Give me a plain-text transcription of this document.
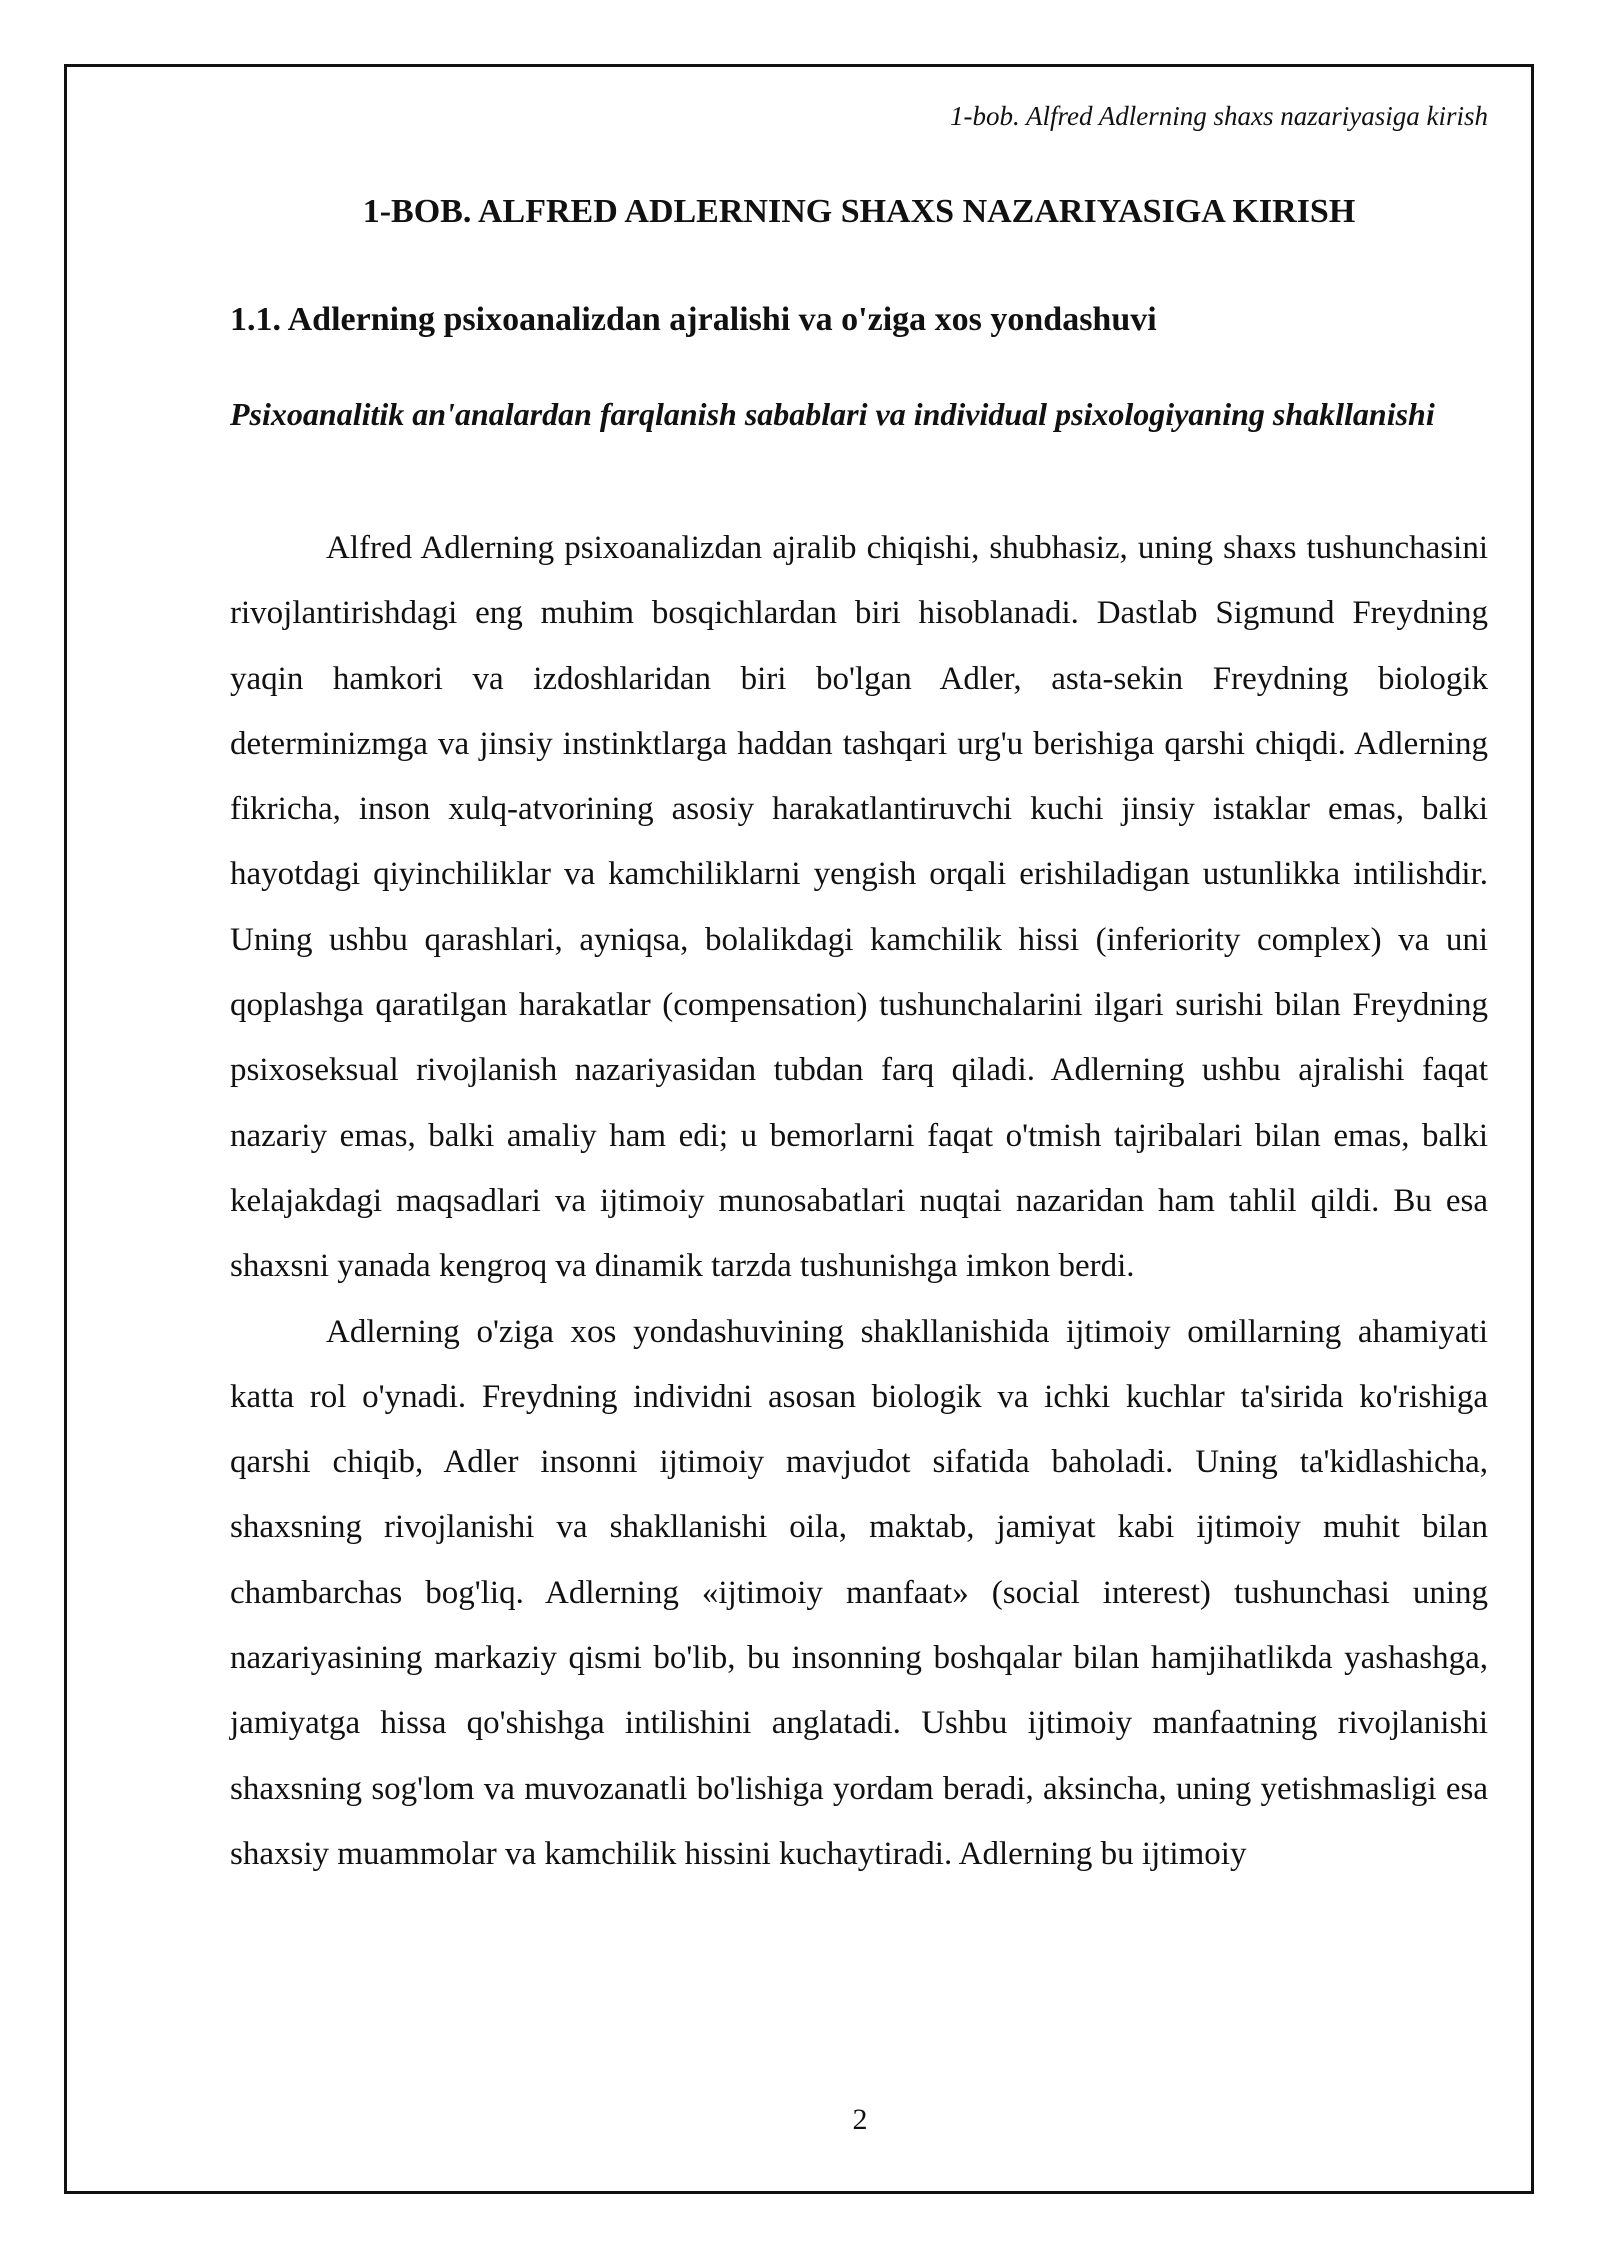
1-bob. Alfred Adlerning shaxs nazariyasiga kirish
1-BOB. ALFRED ADLERNING SHAXS NAZARIYASIGA KIRISH
1.1. Adlerning psixoanalizdan ajralishi va o'ziga xos yondashuvi
Psixoanalitik an'analardan farqlanish sabablari va individual psixologiyaning shakllanishi

Alfred Adlerning psixoanalizdan ajralib chiqishi, shubhasiz, uning shaxs tushunchasini rivojlantirishdagi eng muhim bosqichlardan biri hisoblanadi. Dastlab Sigmund Freydning yaqin hamkori va izdoshlaridan biri bo'lgan Adler, asta-sekin Freydning biologik determinizmga va jinsiy instinktlarga haddan tashqari urg'u berishiga qarshi chiqdi. Adlerning fikricha, inson xulq-atvorining asosiy harakatlantiruvchi kuchi jinsiy istaklar emas, balki hayotdagi qiyinchiliklar va kamchiliklarni yengish orqali erishiladigan ustunlikka intilishdir. Uning ushbu qarashlari, ayniqsa, bolalikdagi kamchilik hissi (inferiority complex) va uni qoplashga qaratilgan harakatlar (compensation) tushunchalarini ilgari surishi bilan Freydning psixoseksual rivojlanish nazariyasidan tubdan farq qiladi. Adlerning ushbu ajralishi faqat nazariy emas, balki amaliy ham edi; u bemorlarni faqat o'tmish tajribalari bilan emas, balki kelajakdagi maqsadlari va ijtimoiy munosabatlari nuqtai nazaridan ham tahlil qildi. Bu esa shaxsni yanada kengroq va dinamik tarzda tushunishga imkon berdi.

Adlerning o'ziga xos yondashuvining shakllanishida ijtimoiy omillarning ahamiyati katta rol o'ynadi. Freydning individni asosan biologik va ichki kuchlar ta'sirida ko'rishiga qarshi chiqib, Adler insonni ijtimoiy mavjudot sifatida baholadi. Uning ta'kidlashicha, shaxsning rivojlanishi va shakllanishi oila, maktab, jamiyat kabi ijtimoiy muhit bilan chambarchas bog'liq. Adlerning «ijtimoiy manfaat» (social interest) tushunchasi uning nazariyasining markaziy qismi bo'lib, bu insonning boshqalar bilan hamjihatlikda yashashga, jamiyatga hissa qo'shishga intilishini anglatadi. Ushbu ijtimoiy manfaatning rivojlanishi shaxsning sog'lom va muvozanatli bo'lishiga yordam beradi, aksincha, uning yetishmasligi esa shaxsiy muammolar va kamchilik hissini kuchaytiradi. Adlerning bu ijtimoiy

2
